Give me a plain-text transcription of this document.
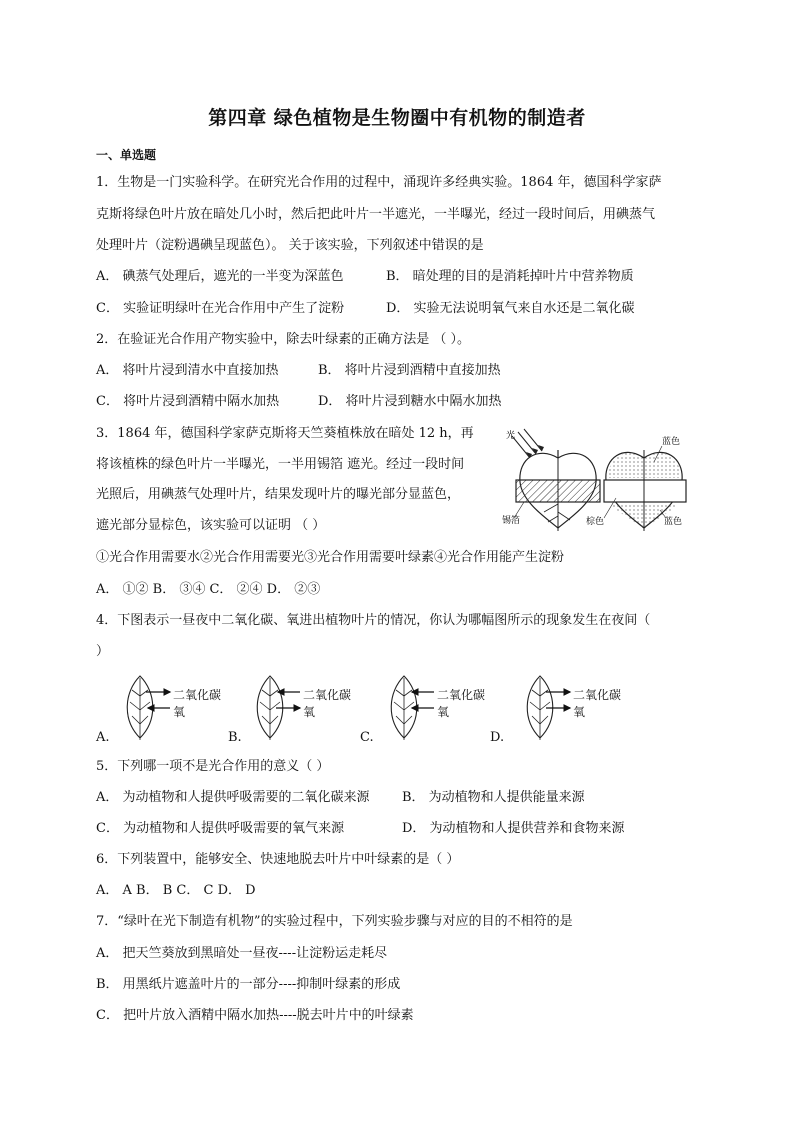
第四章 绿色植物是生物圈中有机物的制造者
一、单选题
1．生物是一门实验科学。在研究光合作用的过程中，涌现许多经典实验。1864 年，德国科学家萨
克斯将绿色叶片放在暗处几小时，然后把此叶片一半遮光，一半曝光，经过一段时间后，用碘蒸气
处理叶片（淀粉遇碘呈现蓝色）。 关于该实验，下列叙述中错误的是
A． 碘蒸气处理后，遮光的一半变为深蓝色	B． 暗处理的目的是消耗掉叶片中营养物质
C． 实验证明绿叶在光合作用中产生了淀粉	D． 实验无法说明氧气来自水还是二氧化碳
2．在验证光合作用产物实验中，除去叶绿素的正确方法是 （ ）。
A． 将叶片浸到清水中直接加热	B． 将叶片浸到酒精中直接加热
C． 将叶片浸到酒精中隔水加热	D． 将叶片浸到糖水中隔水加热
3．1864 年，德国科学家萨克斯将天竺葵植株放在暗处 12 h，再
将该植株的绿色叶片一半曝光，一半用锡箔 遮光。经过一段时间
光照后，用碘蒸气处理叶片，结果发现叶片的曝光部分显蓝色，
遮光部分显棕色，该实验可以证明 （ ）
光
锡箔
蓝色
棕色	蓝色
①光合作用需要水②光合作用需要光③光合作用需要叶绿素④光合作用能产生淀粉
A． ①② B． ③④ C． ②④ D． ②③
4．下图表示一昼夜中二氧化碳、氧进出植物叶片的情况，你认为哪幅图所示的现象发生在夜间（
）
二氧化碳
氧
二氧化碳
氧
二氧化碳
氧
二氧化碳
氧
A.	B.	C.	D.
5．下列哪一项不是光合作用的意义（ ）
A． 为动植物和人提供呼吸需要的二氧化碳来源 B． 为动植物和人提供能量来源
C． 为动植物和人提供呼吸需要的氧气来源	D． 为动植物和人提供营养和食物来源
6．下列装置中，能够安全、快速地脱去叶片中叶绿素的是（ ）
A． A B． B C． C D． D
7．“绿叶在光下制造有机物”的实验过程中，下列实验步骤与对应的目的不相符的是
A． 把天竺葵放到黑暗处一昼夜----让淀粉运走耗尽
B． 用黑纸片遮盖叶片的一部分----抑制叶绿素的形成
C． 把叶片放入酒精中隔水加热----脱去叶片中的叶绿素
